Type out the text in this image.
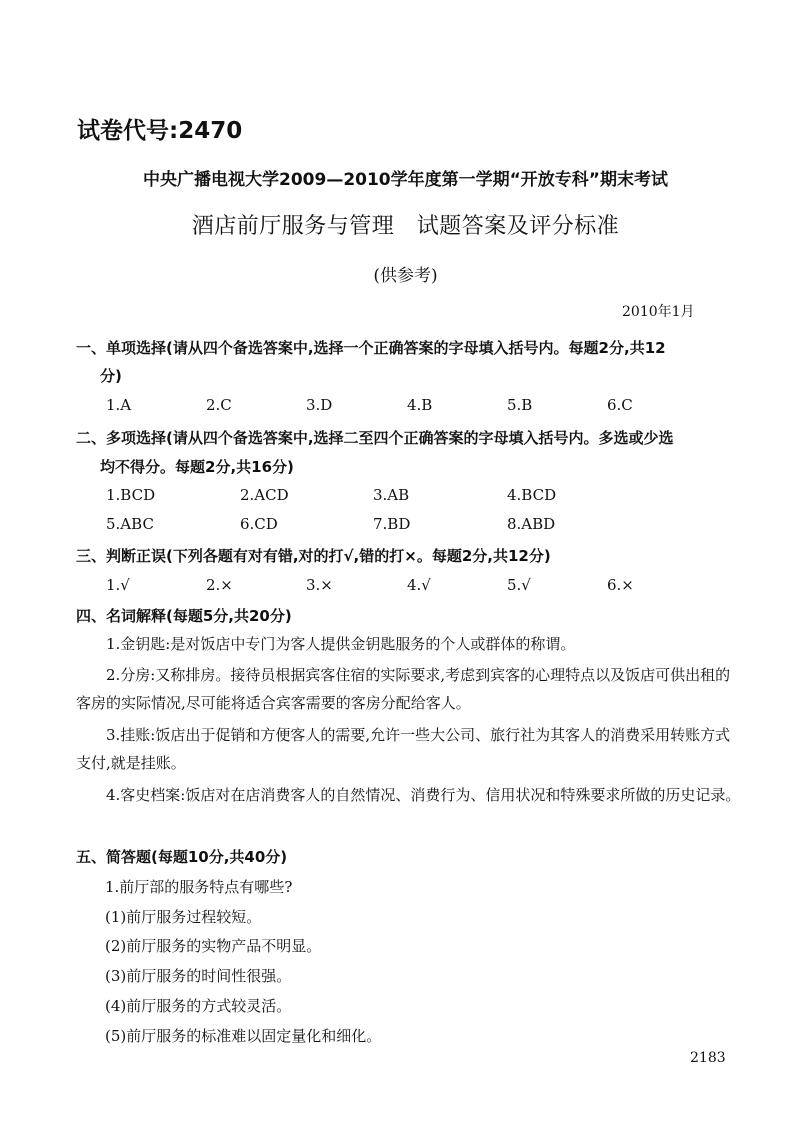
试卷代号:2470
中央广播电视大学2009—2010学年度第一学期“开放专科”期末考试
酒店前厅服务与管理　试题答案及评分标准
(供参考)
2010年1月
一、单项选择(请从四个备选答案中,选择一个正确答案的字母填入括号内。每题2分,共12
分)
1.A	2.C	3.D	4.B	5.B	6.C
二、多项选择(请从四个备选答案中,选择二至四个正确答案的字母填入括号内。多选或少选
均不得分。每题2分,共16分)
1.BCD	2.ACD	3.AB	4.BCD
5.ABC	6.CD	7.BD	8.ABD
三、判断正误(下列各题有对有错,对的打√,错的打×。每题2分,共12分)
1.√	2.×	3.×	4.√	5.√	6.×
四、名词解释(每题5分,共20分)
1.金钥匙:是对饭店中专门为客人提供金钥匙服务的个人或群体的称谓。
2.分房:又称排房。接待员根据宾客住宿的实际要求,考虑到宾客的心理特点以及饭店可供出租的客房的实际情况,尽可能将适合宾客需要的客房分配给客人。
3.挂账:饭店出于促销和方便客人的需要,允许一些大公司、旅行社为其客人的消费采用转账方式支付,就是挂账。
4.客史档案:饭店对在店消费客人的自然情况、消费行为、信用状况和特殊要求所做的历史记录。
五、简答题(每题10分,共40分)
1.前厅部的服务特点有哪些?
(1)前厅服务过程较短。
(2)前厅服务的实物产品不明显。
(3)前厅服务的时间性很强。
(4)前厅服务的方式较灵活。
(5)前厅服务的标准难以固定量化和细化。
2183
